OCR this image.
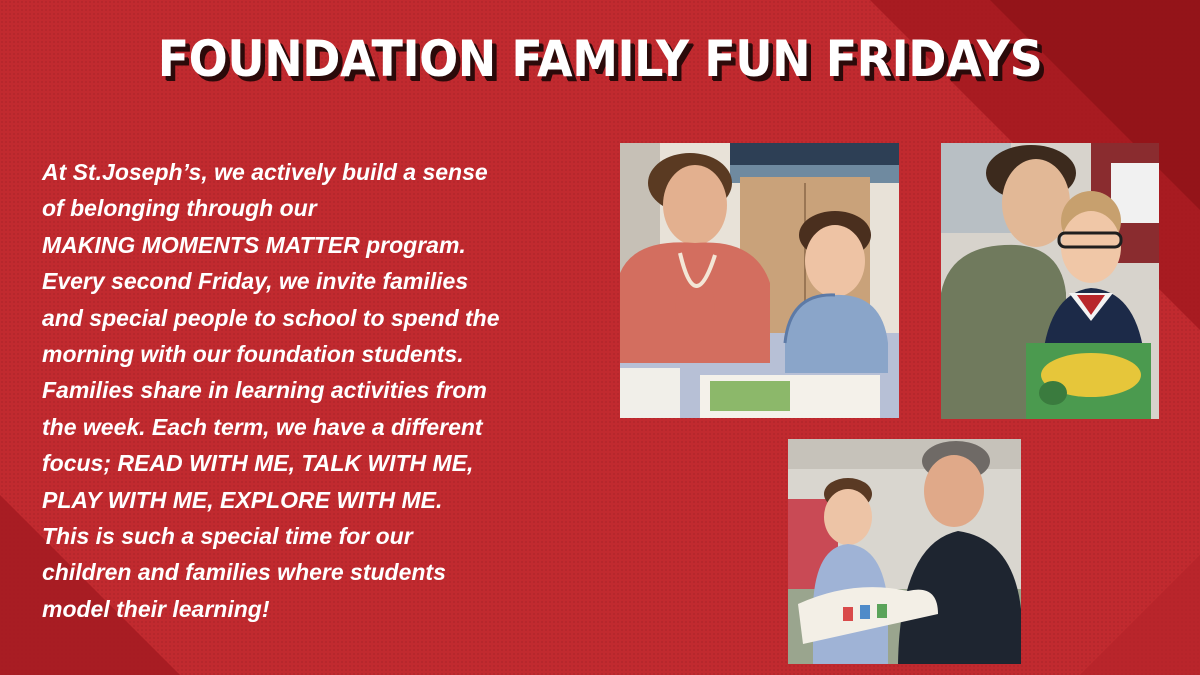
FOUNDATION FAMILY FUN FRIDAYS
At St.Joseph’s, we actively build a sense
of belonging through our
MAKING MOMENTS MATTER program.
Every second Friday, we invite families
and special people to school to spend the
morning with our foundation students.
Families share in learning activities from
the week. Each term, we have a different
focus; READ WITH ME, TALK WITH ME,
PLAY WITH ME, EXPLORE WITH ME.
This is such a special time for our
children and families where students
model their learning!
